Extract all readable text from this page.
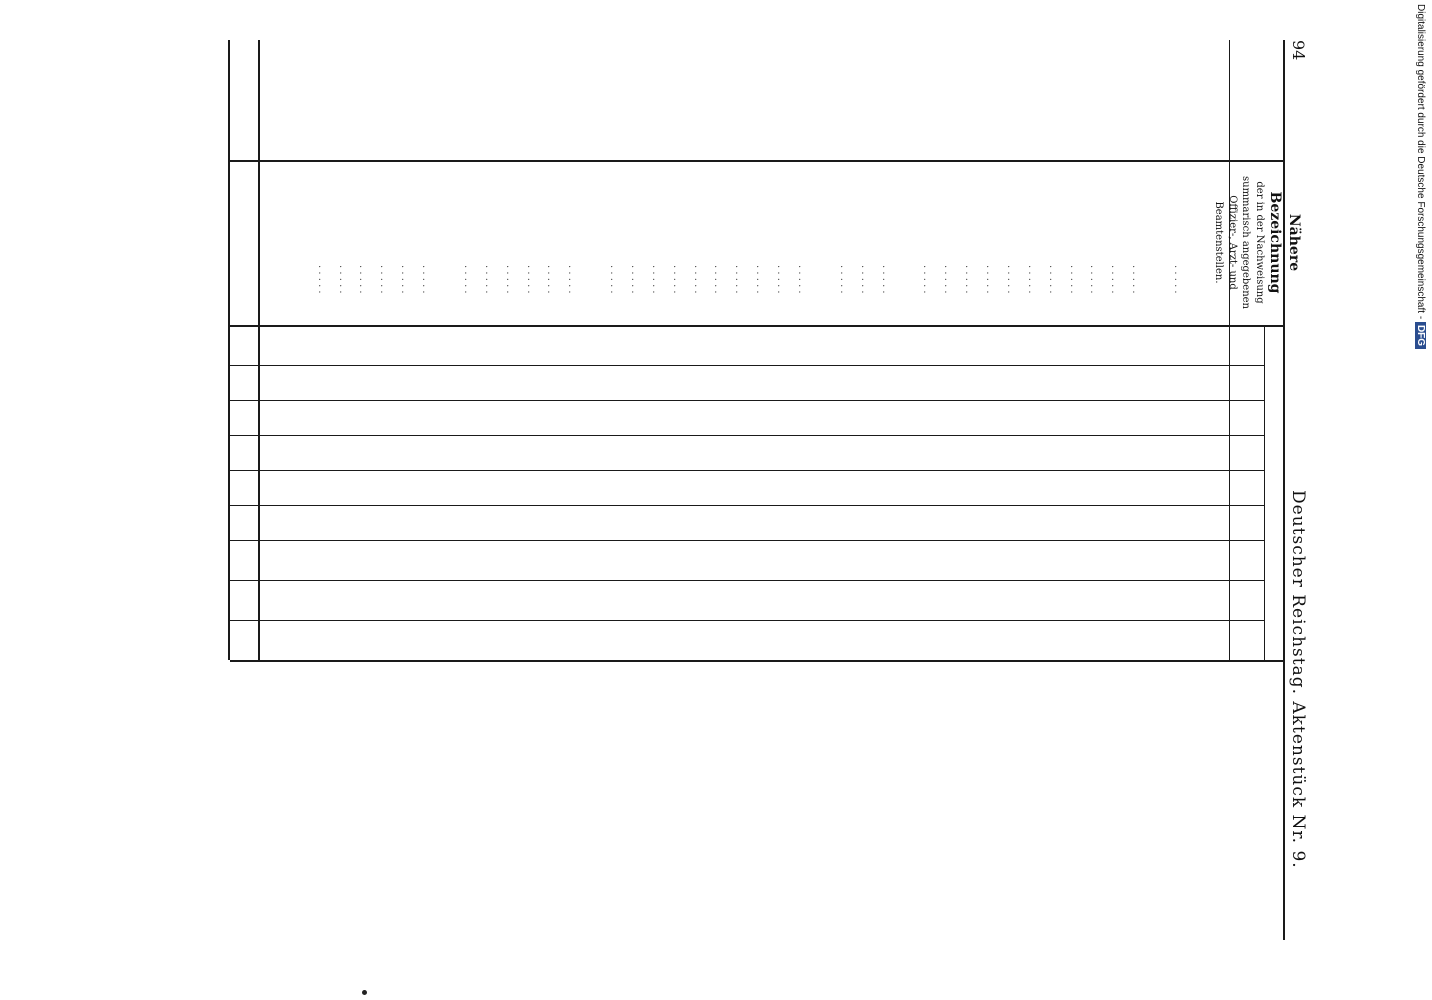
94
Deutscher Reichstag. Aktenstück Nr. 9.
Nähere Bezeichnung
der in der Nachweisung summarisch angegebenen Offizier-, Arzt- und Beamtenstellen.
. . . . .
. . . . .
. . . . .
. . . . .
. . . . .
. . . . .
. . . . .
. . . . .
. . . . .
. . . . .
. . . . .
. . . . .
. . . . .
. . . . .
. . . . .
. . . . .
. . . . .
. . . . .
. . . . .
. . . . .
. . . . .
. . . . .
. . . . .
. . . . .
. . . . .
. . . . .
. . . . .
. . . . .
. . . . .
. . . . .
. . . . .
. . . . .
. . . . .
. . . . .
. . . . .
. . . . .
. . . . .	Digitalisierung gefördert durch die Deutsche Forschungsgemeinschaft - DFG
